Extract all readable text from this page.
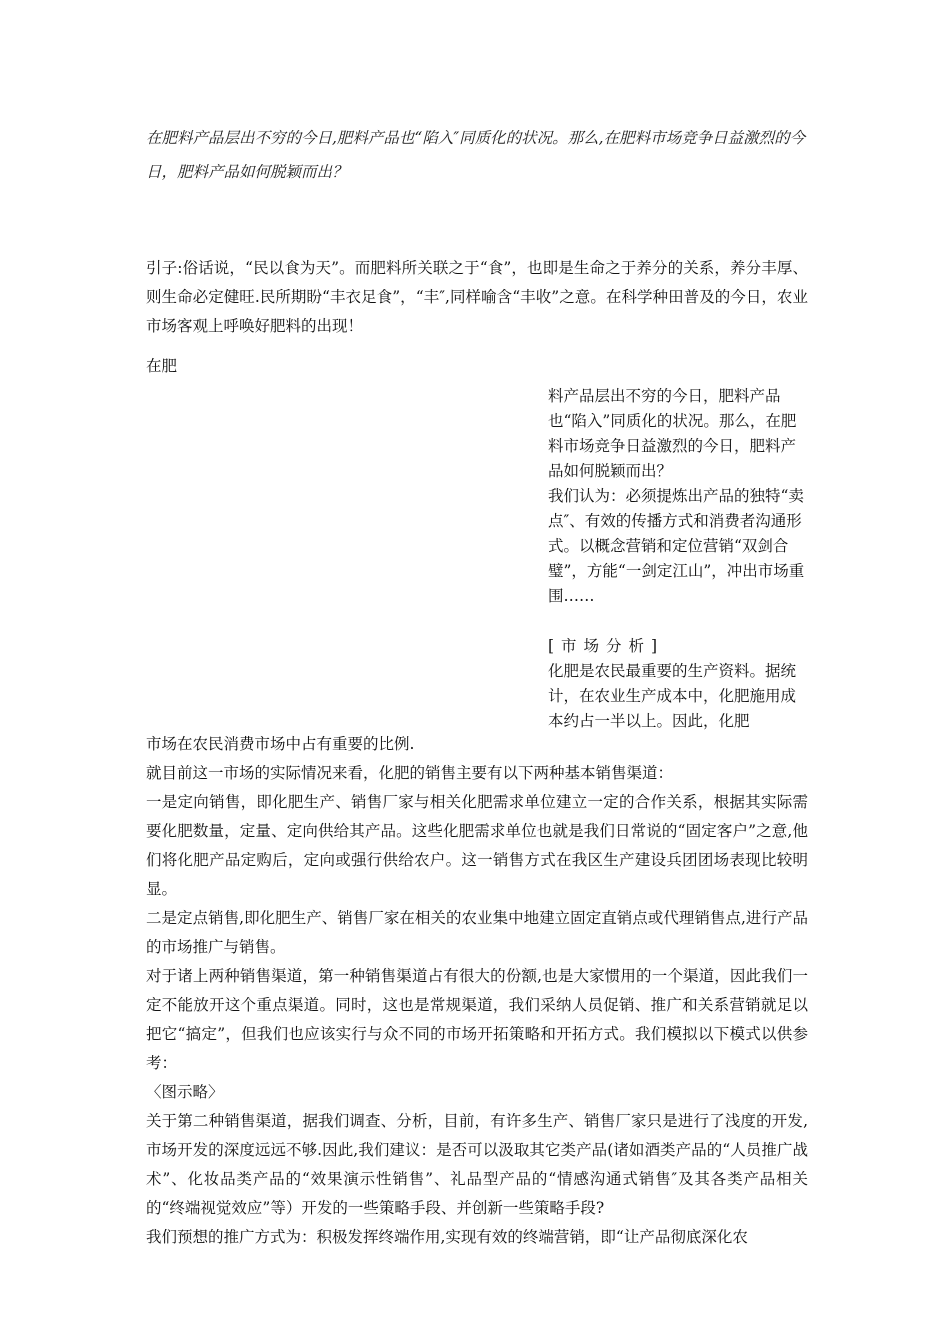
在肥料产品层出不穷的今日,肥料产品也“陷入″同质化的状况。那么,在肥料市场竞争日益激烈的今日，肥料产品如何脱颖而出？
引子:俗话说，“民以食为天”。而肥料所关联之于“食”，也即是生命之于养分的关系，养分丰厚、则生命必定健旺.民所期盼“丰衣足食”，“丰″,同样喻含“丰收”之意。在科学种田普及的今日，农业市场客观上呼唤好肥料的出现！
在肥

料产品层出不穷的今日，肥料产品也“陷入”同质化的状况。那么，在肥料市场竞争日益激烈的今日，肥料产品如何脱颖而出？

我们认为：必须提炼出产品的独特“卖点″、有效的传播方式和消费者沟通形式。以概念营销和定位营销“双剑合璧”，方能“一剑定江山”，冲出市场重围……

[市场分析]

化肥是农民最重要的生产资料。据统计，在农业生产成本中，化肥施用成本约占一半以上。因此，化肥

市场在农民消费市场中占有重要的比例.

就目前这一市场的实际情况来看，化肥的销售主要有以下两种基本销售渠道：

一是定向销售，即化肥生产、销售厂家与相关化肥需求单位建立一定的合作关系，根据其实际需要化肥数量，定量、定向供给其产品。这些化肥需求单位也就是我们日常说的“固定客户”之意,他们将化肥产品定购后，定向或强行供给农户。这一销售方式在我区生产建设兵团团场表现比较明显。

二是定点销售,即化肥生产、销售厂家在相关的农业集中地建立固定直销点或代理销售点,进行产品的市场推广与销售。

对于诸上两种销售渠道，第一种销售渠道占有很大的份额,也是大家惯用的一个渠道，因此我们一定不能放开这个重点渠道。同时，这也是常规渠道，我们采纳人员促销、推广和关系营销就足以把它“搞定”，但我们也应该实行与众不同的市场开拓策略和开拓方式。我们模拟以下模式以供参考：

〈图示略〉

关于第二种销售渠道，据我们调查、分析，目前，有许多生产、销售厂家只是进行了浅度的开发,市场开发的深度远远不够.因此,我们建议：是否可以汲取其它类产品(诸如酒类产品的“人员推广战术”、化妆品类产品的“效果演示性销售”、礼品型产品的“情感沟通式销售″及其各类产品相关的“终端视觉效应”等）开发的一些策略手段、并创新一些策略手段?

我们预想的推广方式为：积极发挥终端作用,实现有效的终端营销，即“让产品彻底深化农
